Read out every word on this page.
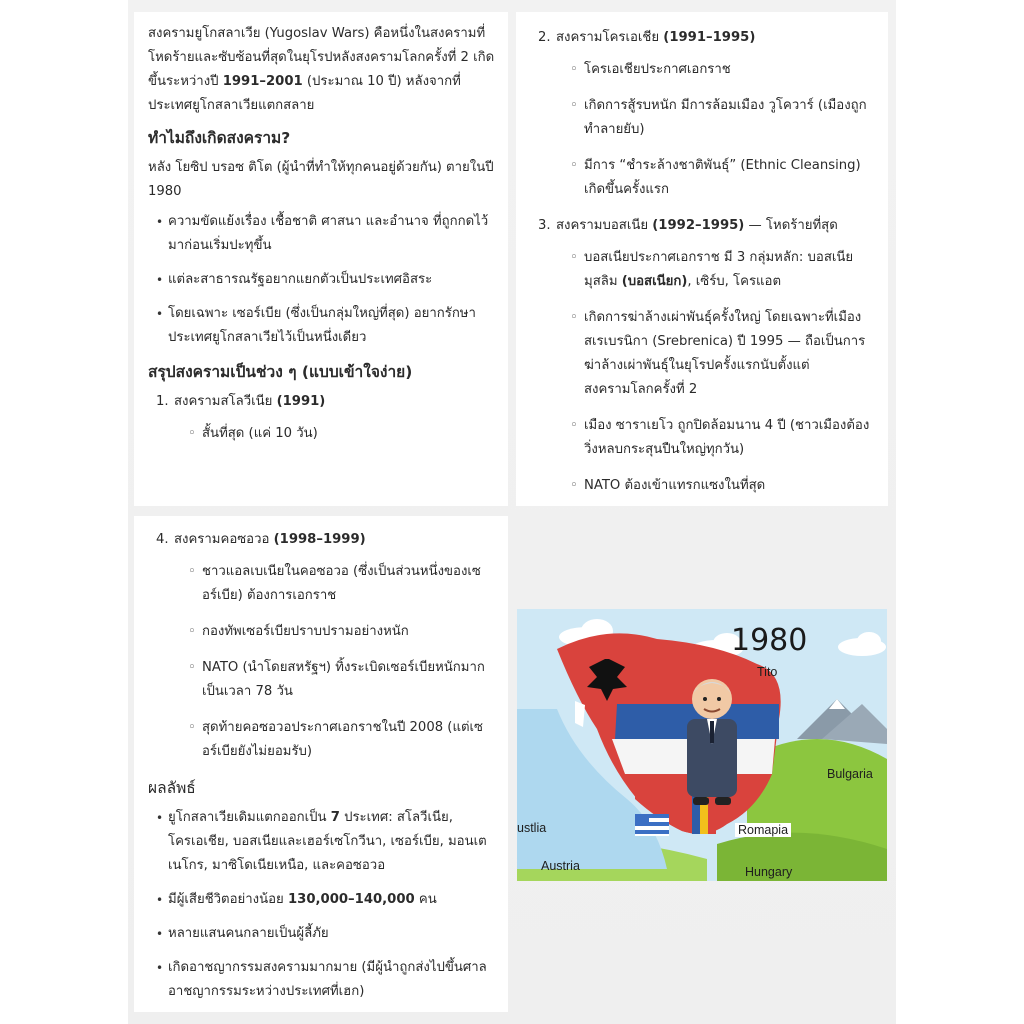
สงครามยูโกสลาเวีย (Yugoslav Wars) คือหนึ่งในสงครามที่โหดร้ายและซับซ้อนที่สุดในยุโรปหลังสงครามโลกครั้งที่ 2 เกิดขึ้นระหว่างปี 1991–2001 (ประมาณ 10 ปี) หลังจากที่ประเทศยูโกสลาเวียแตกสลาย

ทำไมถึงเกิดสงคราม?

หลัง โยซิป บรอซ ติโต (ผู้นำที่ทำให้ทุกคนอยู่ด้วยกัน) ตายในปี 1980

• ความขัดแย้งเรื่อง เชื้อชาติ ศาสนา และอำนาจ ที่ถูกกดไว้มาก่อนเริ่มปะทุขึ้น
• แต่ละสาธารณรัฐอยากแยกตัวเป็นประเทศอิสระ
• โดยเฉพาะ เซอร์เบีย (ซึ่งเป็นกลุ่มใหญ่ที่สุด) อยากรักษาประเทศยูโกสลาเวียไว้เป็นหนึ่งเดียว
สรุปสงครามเป็นช่วง ๆ (แบบเข้าใจง่าย)
1. สงครามสโลวีเนีย (1991)
◦ สั้นที่สุด (แค่ 10 วัน)
2. สงครามโครเอเชีย (1991–1995)
◦ โครเอเชียประกาศเอกราช
◦ เกิดการสู้รบหนัก มีการล้อมเมือง วูโควาร์ (เมืองถูกทำลายยับ)
◦ มีการ “ชำระล้างชาติพันธุ์” (Ethnic Cleansing) เกิดขึ้นครั้งแรก
3. สงครามบอสเนีย (1992–1995) — โหดร้ายที่สุด
◦ บอสเนียประกาศเอกราช มี 3 กลุ่มหลัก: บอสเนียมุสลิม (บอสเนียก), เซิร์บ, โครแอต
◦ เกิดการฆ่าล้างเผ่าพันธุ์ครั้งใหญ่ โดยเฉพาะที่เมืองสเรเบรนิกา (Srebrenica) ปี 1995 — ถือเป็นการฆ่าล้างเผ่าพันธุ์ในยุโรปครั้งแรกนับตั้งแต่สงครามโลกครั้งที่ 2
◦ เมือง ซาราเยโว ถูกปิดล้อมนาน 4 ปี (ชาวเมืองต้องวิ่งหลบกระสุนปืนใหญ่ทุกวัน)
◦ NATO ต้องเข้าแทรกแซงในที่สุด
4. สงครามคอซอวอ (1998–1999)
◦ ชาวแอลเบเนียในคอซอวอ (ซึ่งเป็นส่วนหนึ่งของเซอร์เบีย) ต้องการเอกราช
◦ กองทัพเซอร์เบียปราบปรามอย่างหนัก
◦ NATO (นำโดยสหรัฐฯ) ทิ้งระเบิดเซอร์เบียหนักมากเป็นเวลา 78 วัน
◦ สุดท้ายคอซอวอประกาศเอกราชในปี 2008 (แต่เซอร์เบียยังไม่ยอมรับ)
ผลลัพธ์
• ยูโกสลาเวียเดิมแตกออกเป็น 7 ประเทศ: สโลวีเนีย, โครเอเชีย, บอสเนียและเฮอร์เซโกวีนา, เซอร์เบีย, มอนเตเนโกร, มาซิโดเนียเหนือ, และคอซอวอ
• มีผู้เสียชีวิตอย่างน้อย 130,000–140,000 คน
• หลายแสนคนกลายเป็นผู้ลี้ภัย
• เกิดอาชญากรรมสงครามมากมาย (มีผู้นำถูกส่งไปขึ้นศาลอาชญากรรมระหว่างประเทศที่เฮก)
1980
Tito
Bulgaria
Romapia
ustlia
Austria	Hungary
